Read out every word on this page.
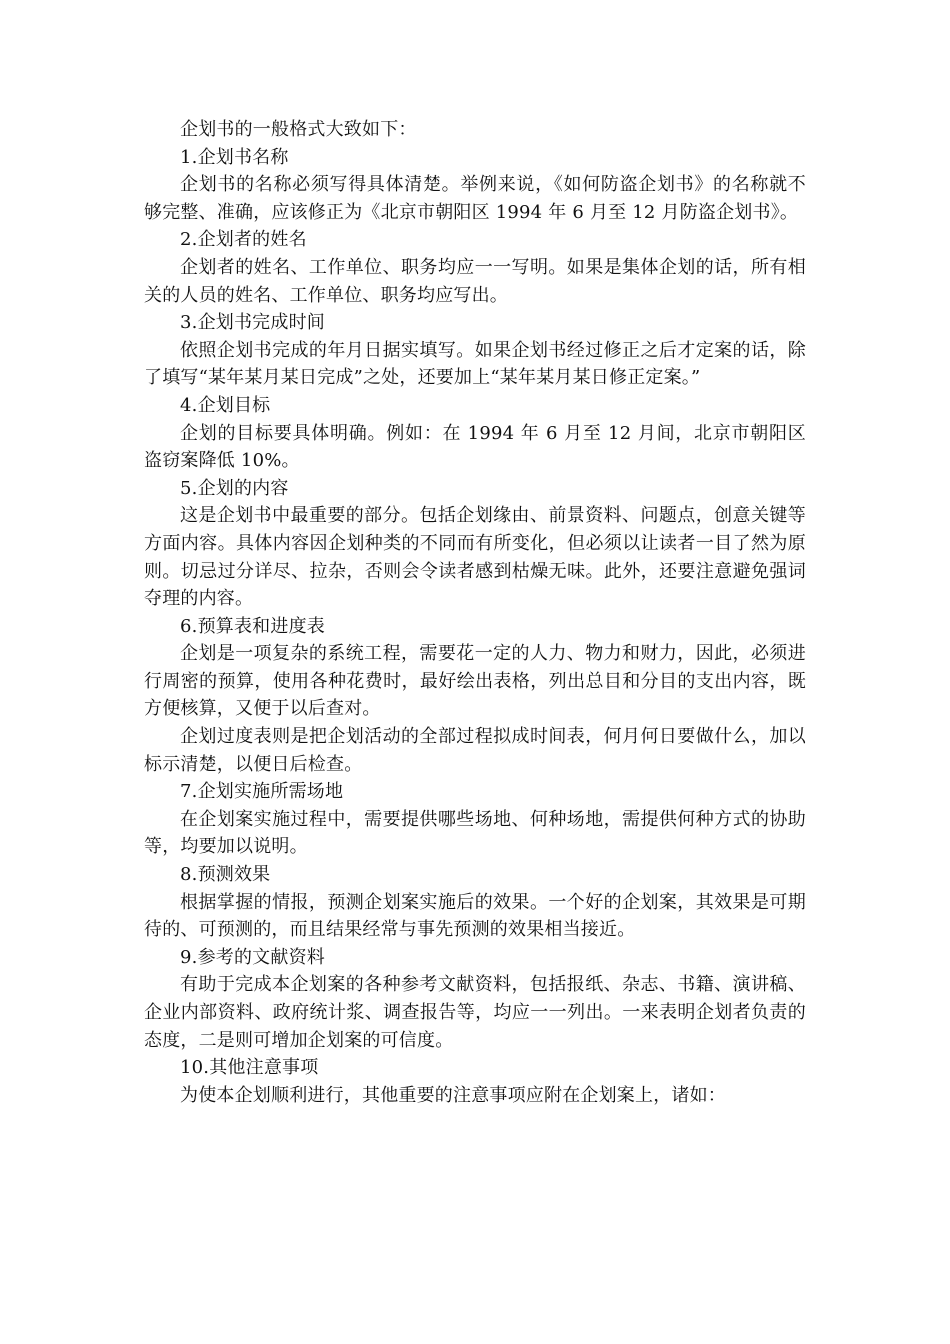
企划书的一般格式大致如下：

1.企划书名称

企划书的名称必须写得具体清楚。举例来说，《如何防盗企划书》的名称就不够完整、准确，应该修正为《北京市朝阳区 1994 年 6 月至 12 月防盗企划书》。

2.企划者的姓名

企划者的姓名、工作单位、职务均应一一写明。如果是集体企划的话，所有相关的人员的姓名、工作单位、职务均应写出。

3.企划书完成时间

依照企划书完成的年月日据实填写。如果企划书经过修正之后才定案的话，除了填写“某年某月某日完成”之处，还要加上“某年某月某日修正定案。”

4.企划目标

企划的目标要具体明确。例如：在 1994 年 6 月至 12 月间，北京市朝阳区盗窃案降低 10%。

5.企划的内容

这是企划书中最重要的部分。包括企划缘由、前景资料、问题点，创意关键等方面内容。具体内容因企划种类的不同而有所变化，但必须以让读者一目了然为原则。切忌过分详尽、拉杂，否则会令读者感到枯燥无味。此外，还要注意避免强词夺理的内容。

6.预算表和进度表

企划是一项复杂的系统工程，需要花一定的人力、物力和财力，因此，必须进行周密的预算，使用各种花费时，最好绘出表格，列出总目和分目的支出内容，既方便核算，又便于以后查对。

企划过度表则是把企划活动的全部过程拟成时间表，何月何日要做什么，加以标示清楚，以便日后检查。

7.企划实施所需场地

在企划案实施过程中，需要提供哪些场地、何种场地，需提供何种方式的协助等，均要加以说明。

8.预测效果

根据掌握的情报，预测企划案实施后的效果。一个好的企划案，其效果是可期待的、可预测的，而且结果经常与事先预测的效果相当接近。

9.参考的文献资料

有助于完成本企划案的各种参考文献资料，包括报纸、杂志、书籍、演讲稿、企业内部资料、政府统计浆、调查报告等，均应一一列出。一来表明企划者负责的态度，二是则可增加企划案的可信度。

10.其他注意事项

为使本企划顺利进行，其他重要的注意事项应附在企划案上，诸如：
